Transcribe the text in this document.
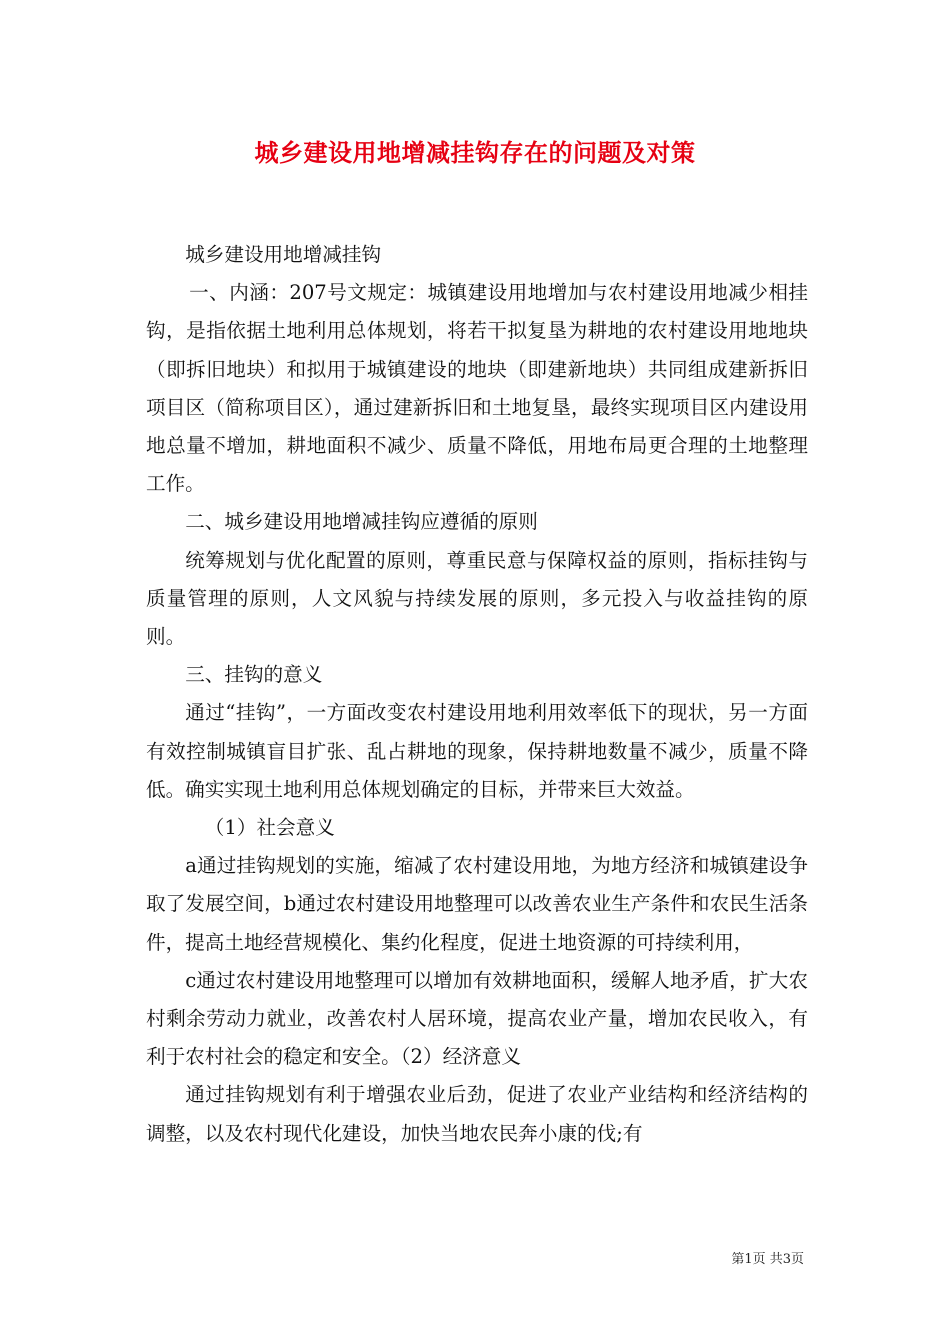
城乡建设用地增减挂钩存在的问题及对策

城乡建设用地增减挂钩

一、内涵：207号文规定：城镇建设用地增加与农村建设用地减少相挂钩，是指依据土地利用总体规划，将若干拟复垦为耕地的农村建设用地地块（即拆旧地块）和拟用于城镇建设的地块（即建新地块）共同组成建新拆旧项目区（简称项目区），通过建新拆旧和土地复垦，最终实现项目区内建设用地总量不增加，耕地面积不减少、质量不降低，用地布局更合理的土地整理工作。

二、城乡建设用地增减挂钩应遵循的原则

统筹规划与优化配置的原则，尊重民意与保障权益的原则，指标挂钩与质量管理的原则，人文风貌与持续发展的原则，多元投入与收益挂钩的原则。

三、挂钩的意义

通过“挂钩”，一方面改变农村建设用地利用效率低下的现状，另一方面有效控制城镇盲目扩张、乱占耕地的现象，保持耕地数量不减少，质量不降低。确实实现土地利用总体规划确定的目标，并带来巨大效益。

（1）社会意义

a通过挂钩规划的实施，缩减了农村建设用地，为地方经济和城镇建设争取了发展空间，b通过农村建设用地整理可以改善农业生产条件和农民生活条件，提高土地经营规模化、集约化程度，促进土地资源的可持续利用，

c通过农村建设用地整理可以增加有效耕地面积，缓解人地矛盾，扩大农村剩余劳动力就业，改善农村人居环境，提高农业产量，增加农民收入，有利于农村社会的稳定和安全。（2）经济意义

通过挂钩规划有利于增强农业后劲，促进了农业产业结构和经济结构的调整，以及农村现代化建设，加快当地农民奔小康的伐;有

第1页 共3页
